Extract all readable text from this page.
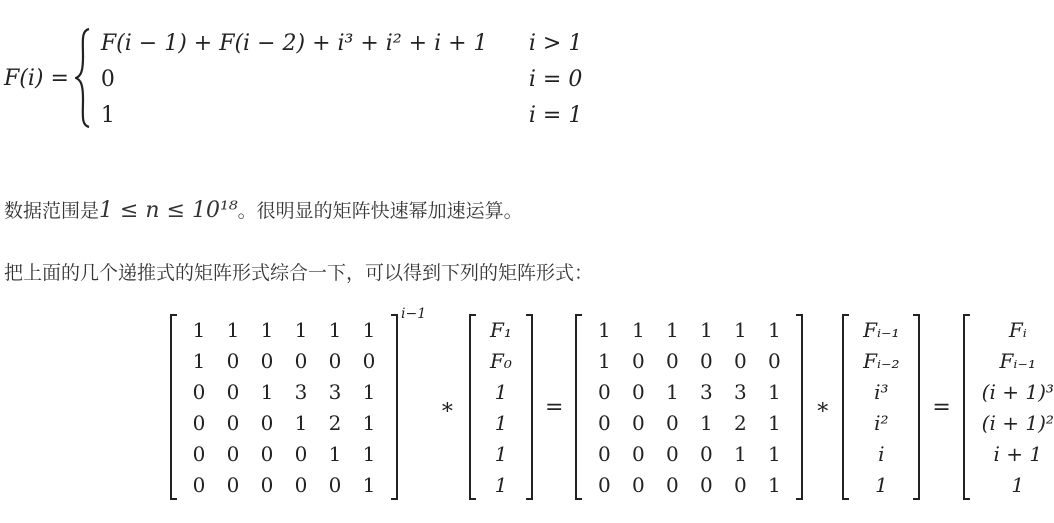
F(i) =
F(i − 1) + F(i − 2) + i³ + i² + i + 1 i > 1
0	i = 0
1	i = 1
数据范围是1 ≤ n ≤ 10¹⁸。很明显的矩阵快速幂加速运算。
把上面的几个递推式的矩阵形式综合一下，可以得到下列的矩阵形式：
1 1 1 1 1 1
1 0 0 0 0 0
0 0 1 3 3 1
0 0 0 1 2 1
0 0 0 0 1 1
0 0 0 0 0 1
i−1
∗
F₁
F₀
1
1
1
1
=
1 1 1 1 1 1
1 0 0 0 0 0
0 0 1 3 3 1
0 0 0 1 2 1
0 0 0 0 1 1
0 0 0 0 0 1
∗
Fᵢ₋₁
Fᵢ₋₂
i³
i²
i
1
=
Fᵢ
Fᵢ₋₁
(i + 1)³
(i + 1)²
i + 1
1
